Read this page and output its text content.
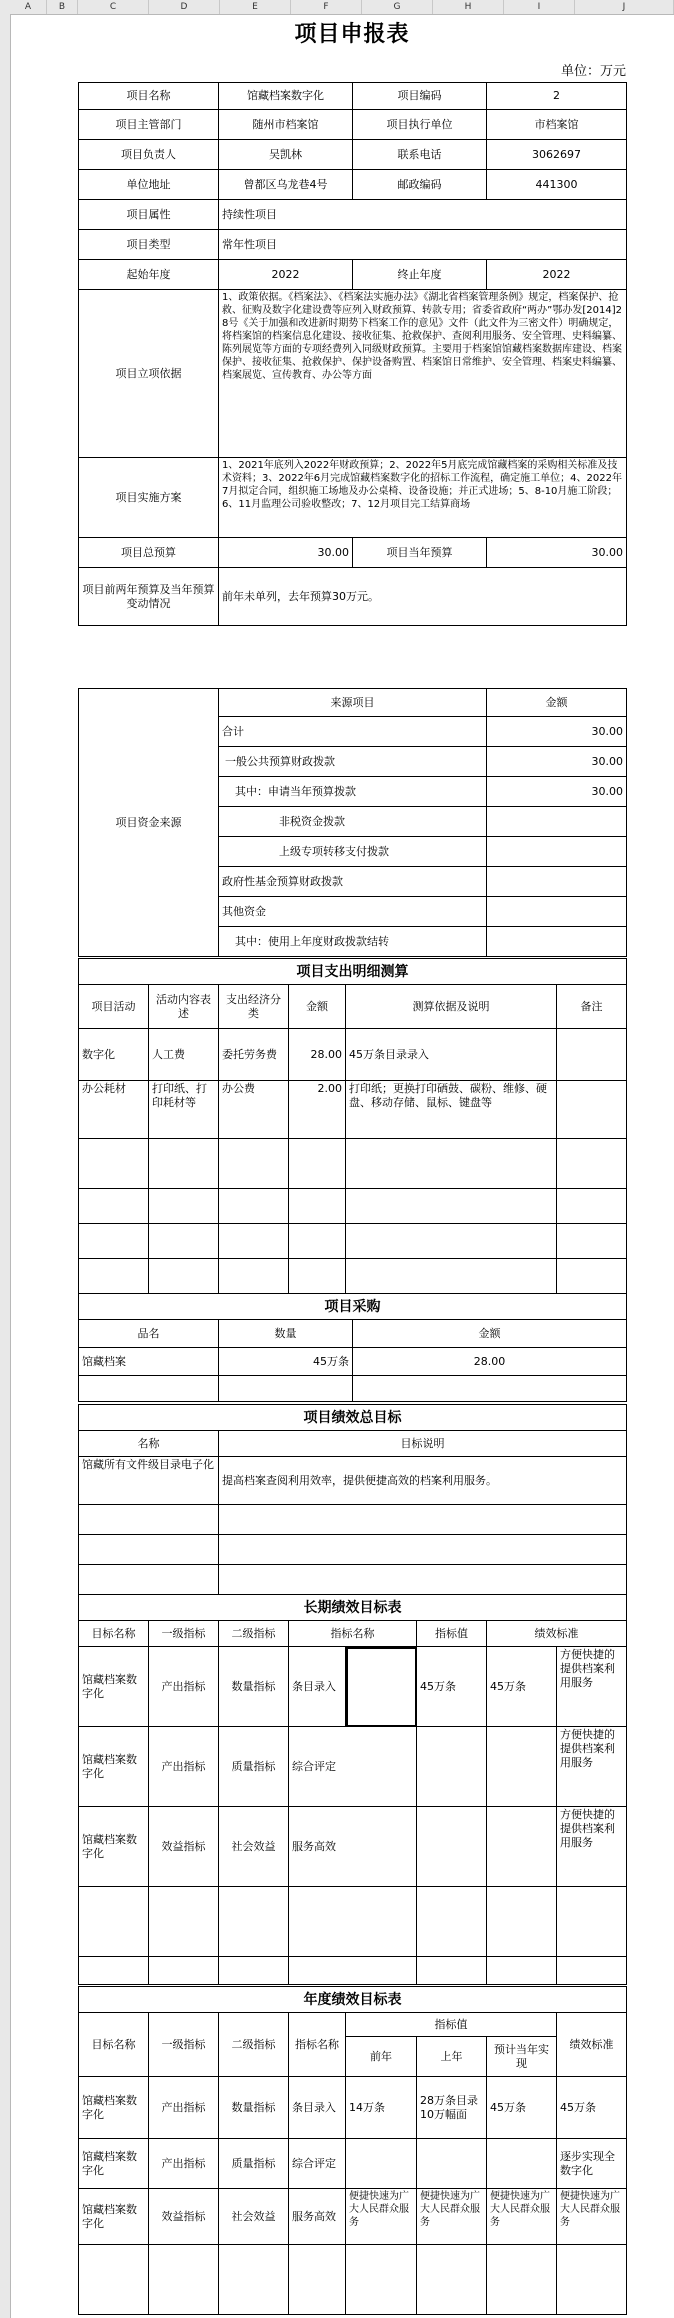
A	B	C	D	E	F	G	H	I	J
项目申报表
单位：万元
项目名称	馆藏档案数字化	项目编码	2
项目主管部门	随州市档案馆	项目执行单位	市档案馆
项目负责人	吴凯林	联系电话	3062697
单位地址	曾都区乌龙巷4号	邮政编码	441300
项目属性	持续性项目		
项目类型	常年性项目		
起始年度	2022	终止年度	2022
项目立项依据	1、政策依据。《档案法》、《档案法实施办法》《湖北省档案管理条例》规定，档案保护、抢救、征购及数字化建设费等应列入财政预算、转款专用；省委省政府“两办”鄂办发[2014]28号《关于加强和改进新时期势下档案工作的意见》文件（此文件为三密文件）明确规定，将档案馆的档案信息化建设、接收征集、抢救保护、查阅利用服务、安全管理、史料编纂、陈列展览等方面的专项经费列入同级财政预算。主要用于档案馆馆藏档案数据库建设、档案保护、接收征集、抢救保护、保护设备购置、档案馆日常维护、安全管理、档案史料编纂、档案展览、宣传教育、办公等方面		
项目实施方案	1、2021年底列入2022年财政预算；2、2022年5月底完成馆藏档案的采购相关标准及技术资料；3、2022年6月完成馆藏档案数字化的招标工作流程，确定施工单位；4、2022年7月拟定合同，组织施工场地及办公桌椅、设备设施；并正式进场；5、8-10月施工阶段；6、11月监理公司验收整改；7、12月项目完工结算商场		
项目总预算	30.00	项目当年预算	30.00
项目前两年预算及当年预算变动情况	前年未单列，去年预算30万元。		
项目资金来源	来源项目	金额
	合计	30.00
	一般公共预算财政拨款	30.00
	其中：申请当年预算拨款	30.00
	非税资金拨款	
	上级专项转移支付拨款	
	政府性基金预算财政拨款	
	其他资金	
	其中：使用上年度财政拨款结转	
项目支出明细测算					
项目活动	活动内容表述	支出经济分类	金额	测算依据及说明	备注
数字化	人工费	委托劳务费	28.00	45万条目录录入	
办公耗材	打印纸、打印耗材等	办公费	2.00	打印纸；更换打印硒鼓、碳粉、维修、硬盘、移动存储、鼠标、键盘等	

项目采购		
品名	数量	金额
馆藏档案	45万条	28.00

项目绩效总目标	
名称	目标说明
馆藏所有文件级目录电子化	提高档案查阅利用效率，提供便捷高效的档案利用服务。

长期绩效目标表							
目标名称	一级指标	二级指标	指标名称		指标值	绩效标准	
馆藏档案数字化	产出指标	数量指标	条目录入		45万条	45万条	方便快捷的提供档案利用服务
馆藏档案数字化	产出指标	质量指标	综合评定				方便快捷的提供档案利用服务
馆藏档案数字化	效益指标	社会效益	服务高效				方便快捷的提供档案利用服务

年度绩效目标表							
目标名称	一级指标	二级指标	指标名称	指标值			绩效标准
				前年	上年	预计当年实现	
馆藏档案数字化	产出指标	数量指标	条目录入	14万条	28万条目录10万幅面	45万条	45万条
馆藏档案数字化	产出指标	质量指标	综合评定				逐步实现全数字化
馆藏档案数字化	效益指标	社会效益	服务高效	便捷快速为广大人民群众服务	便捷快速为广大人民群众服务	便捷快速为广大人民群众服务	便捷快速为广大人民群众服务
